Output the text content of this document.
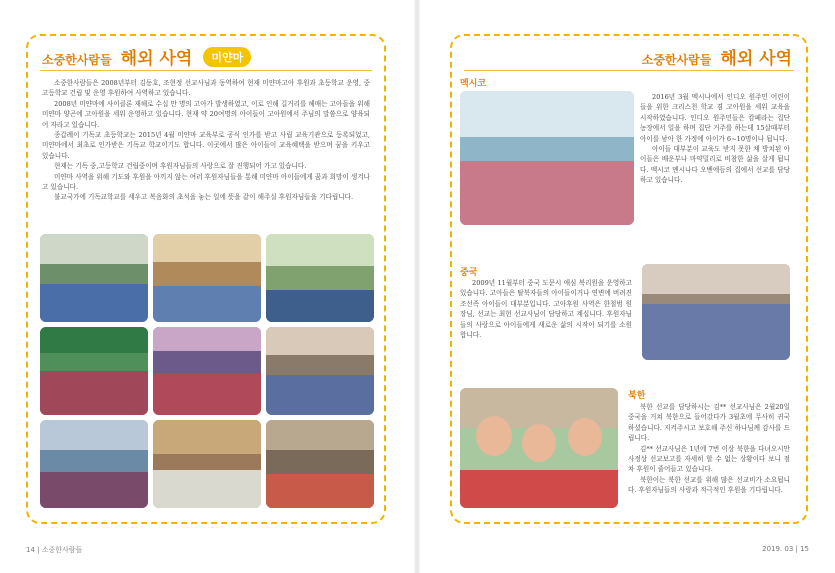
소중한사람들 해외 사역 미얀마

소중한사람들은 2008년부터 김동호, 조현정 선교사님과 동역하여 현재 미얀마고아 후원과 초등학교 운영, 중 고등학교 건립 및 운영 후원하여 사역하고 있습니다.

2008년 미얀마에 사이클론 재해로 수십 만 명의 고아가 발생하였고, 이로 인해 길거리를 헤매는 고아들을 위해 미얀마 양곤에 고아원을 세워 운영하고 있습니다. 현재 약 20여명의 아이들이 고아원에서 주님의 말씀으로 양육되어 자라고 있습니다.

종갑례이 기독교 초등학교는 2015년 4월 미얀마 교육부로 공식 인가를 받고 사립 교육기관으로 등록되었고, 미얀마에서 최초로 인가받은 기독교 학교이기도 합니다. 이곳에서 많은 아이들이 교육혜택을 받으며 꿈을 키우고 있습니다.

현재는 기독 중,고등학교 건립중이며 후원자님들의 사랑으로 잘 진행되어 가고 있습니다.

미얀마 사역을 위해 기도와 후원을 아끼지 않는 여러 후원자님들을 통해 미얀마 아이들에게 꿈과 희망이 생겨나고 있습니다.

불교국가에 기독교학교를 세우고 복음화의 초석을 놓는 일에 뜻을 같이 해주실 후원자님들을 기다립니다.

14 | 소중한사람들
소중한사람들 해외 사역
멕시코

2016년 3월 멕시나에서 인디오 원주민 어린이들을 위한 크리스천 학교 겸 고아원을 세워 교육을 시작하였습니다. 인디오 원주민들은 캄페라는 집단 농장에서 일을 하며 집단 거주를 하는데 15살때부터 아이를 낳아 한 가정에 아이가 6~10명이나 됩니다.

아이들 대부분이 교육도 받지 못한 채 방치된 아이들은 배운부나 마약밀리로 비참한 삶을 살게 됩니다. 멕시코 멘시나다 오벤에듬의 집에서 선교를 담당하고 있습니다.

중국

2009년 11월부터 중국 도문시 애심 복리원을 운영하고 있습니다. 고아들은 탈북자들의 아이들이거나 연변에 버려진 조선족 아이들이 대부분입니다. 고아후원 사역은 한철범 원장님, 선교는 최헌 선교사님이 담당하고 계십니다. 후원자님들의 사랑으로 아이들에게 새로운 삶의 시작이 되기를 소원합니다.

북한

북한 선교를 담당하시는 김** 선교사님은 2월20일 중국을 거쳐 북한으로 들어갔다가 3월초에 무사히 귀국하셨습니다. 지켜주시고 보호해 주신 하나님께 감사를 드립니다.

김** 선교사님은 1년에 7번 이상 북한을 다녀오시만 사정상 선교보고를 자세히 할 수 없는 상황이다 보니 점차 후원이 줄어들고 있습니다.

북한이는 북한 선교를 위해 많은 선교비가 소요됩니다. 후원자님들의 사랑과 적극적인 후원을 기다립니다.

2019. 03 | 15
